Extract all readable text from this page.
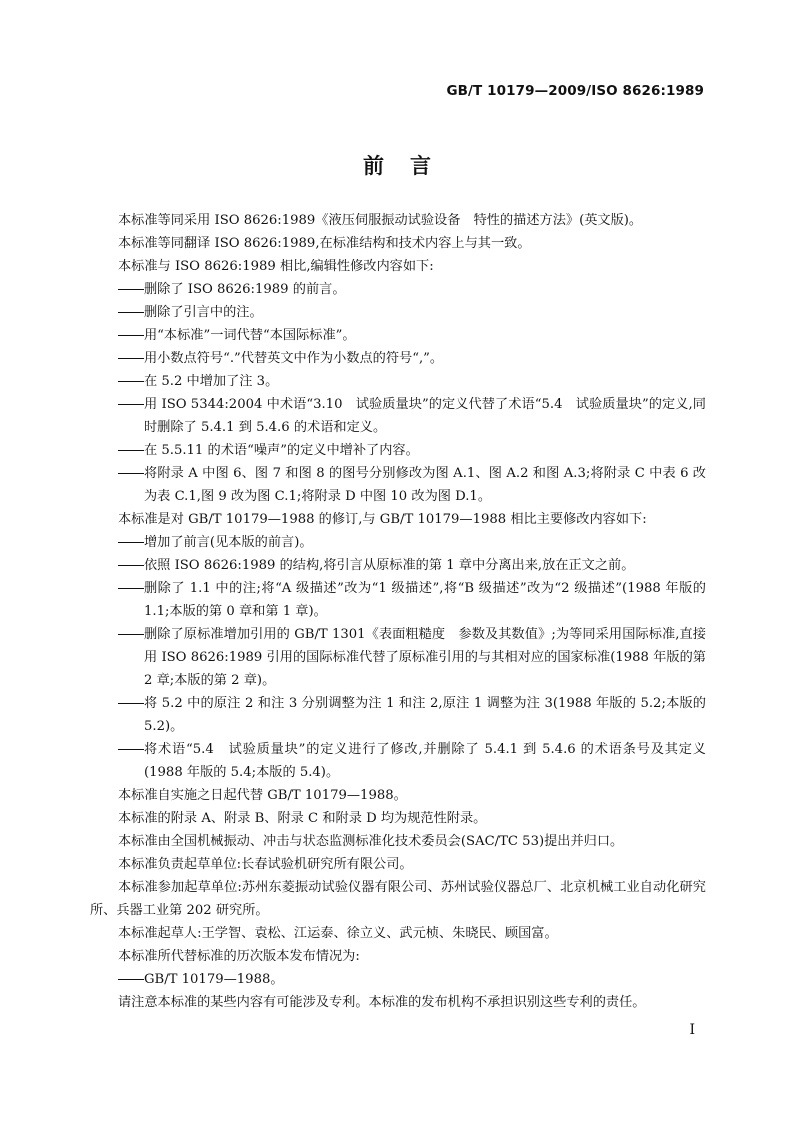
GB/T 10179—2009/ISO 8626:1989
前言

本标准等同采用 ISO 8626:1989《液压伺服振动试验设备　特性的描述方法》(英文版)。

本标准等同翻译 ISO 8626:1989,在标准结构和技术内容上与其一致。

本标准与 ISO 8626:1989 相比,编辑性修改内容如下:

删除了 ISO 8626:1989 的前言。

删除了引言中的注。

用“本标准”一词代替“本国际标准”。

用小数点符号“.”代替英文中作为小数点的符号“,”。

在 5.2 中增加了注 3。

用 ISO 5344:2004 中术语“3.10　试验质量块”的定义代替了术语“5.4　试验质量块”的定义,同时删除了 5.4.1 到 5.4.6 的术语和定义。

在 5.5.11 的术语“噪声”的定义中增补了内容。

将附录 A 中图 6、图 7 和图 8 的图号分别修改为图 A.1、图 A.2 和图 A.3;将附录 C 中表 6 改为表 C.1,图 9 改为图 C.1;将附录 D 中图 10 改为图 D.1。

本标准是对 GB/T 10179—1988 的修订,与 GB/T 10179—1988 相比主要修改内容如下:

增加了前言(见本版的前言)。

依照 ISO 8626:1989 的结构,将引言从原标准的第 1 章中分离出来,放在正文之前。

删除了 1.1 中的注;将“A 级描述”改为“1 级描述”,将“B 级描述”改为“2 级描述”(1988 年版的 1.1;本版的第 0 章和第 1 章)。

删除了原标准增加引用的 GB/T 1301《表面粗糙度　参数及其数值》;为等同采用国际标准,直接用 ISO 8626:1989 引用的国际标准代替了原标准引用的与其相对应的国家标准(1988 年版的第 2 章;本版的第 2 章)。

将 5.2 中的原注 2 和注 3 分别调整为注 1 和注 2,原注 1 调整为注 3(1988 年版的 5.2;本版的 5.2)。

将术语“5.4　试验质量块”的定义进行了修改,并删除了 5.4.1 到 5.4.6 的术语条号及其定义(1988 年版的 5.4;本版的 5.4)。

本标准自实施之日起代替 GB/T 10179—1988。

本标准的附录 A、附录 B、附录 C 和附录 D 均为规范性附录。

本标准由全国机械振动、冲击与状态监测标准化技术委员会(SAC/TC 53)提出并归口。

本标准负责起草单位:长春试验机研究所有限公司。

本标准参加起草单位:苏州东菱振动试验仪器有限公司、苏州试验仪器总厂、北京机械工业自动化研究所、兵器工业第 202 研究所。

本标准起草人:王学智、袁松、江运泰、徐立义、武元桢、朱晓民、顾国富。

本标准所代替标准的历次版本发布情况为:

GB/T 10179—1988。

请注意本标准的某些内容有可能涉及专利。本标准的发布机构不承担识别这些专利的责任。

I
